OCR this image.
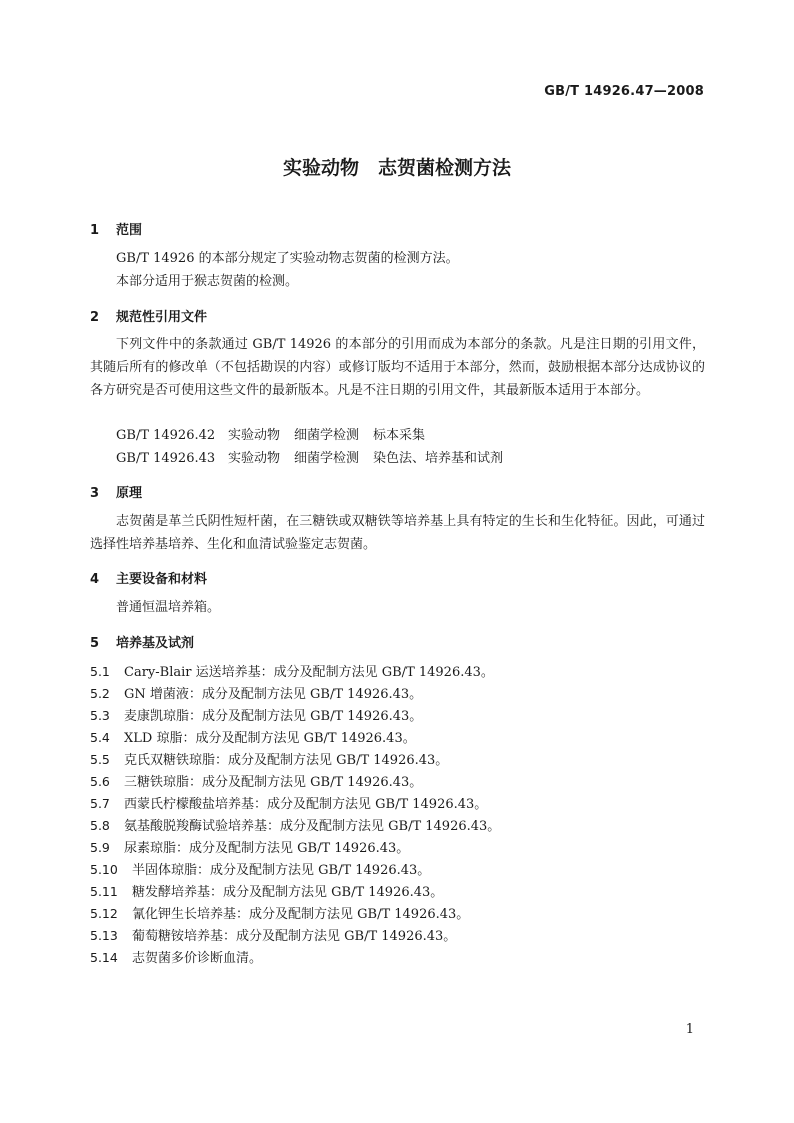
GB/T 14926.47—2008
实验动物　志贺菌检测方法
1 范围

GB/T 14926 的本部分规定了实验动物志贺菌的检测方法。

本部分适用于猴志贺菌的检测。

2 规范性引用文件

下列文件中的条款通过 GB/T 14926 的本部分的引用而成为本部分的条款。凡是注日期的引用文件，其随后所有的修改单（不包括勘误的内容）或修订版均不适用于本部分，然而，鼓励根据本部分达成协议的各方研究是否可使用这些文件的最新版本。凡是不注日期的引用文件，其最新版本适用于本部分。

GB/T 14926.42 实验动物 细菌学检测 标本采集

GB/T 14926.43 实验动物 细菌学检测 染色法、培养基和试剂

3 原理

志贺菌是革兰氏阴性短杆菌，在三糖铁或双糖铁等培养基上具有特定的生长和生化特征。因此，可通过选择性培养基培养、生化和血清试验鉴定志贺菌。

4 主要设备和材料

普通恒温培养箱。

5 培养基及试剂

5.1 Cary-Blair 运送培养基：成分及配制方法见 GB/T 14926.43。

5.2 GN 增菌液：成分及配制方法见 GB/T 14926.43。

5.3 麦康凯琼脂：成分及配制方法见 GB/T 14926.43。

5.4 XLD 琼脂：成分及配制方法见 GB/T 14926.43。

5.5 克氏双糖铁琼脂：成分及配制方法见 GB/T 14926.43。

5.6 三糖铁琼脂：成分及配制方法见 GB/T 14926.43。

5.7 西蒙氏柠檬酸盐培养基：成分及配制方法见 GB/T 14926.43。

5.8 氨基酸脱羧酶试验培养基：成分及配制方法见 GB/T 14926.43。

5.9 尿素琼脂：成分及配制方法见 GB/T 14926.43。

5.10 半固体琼脂：成分及配制方法见 GB/T 14926.43。

5.11 糖发酵培养基：成分及配制方法见 GB/T 14926.43。

5.12 氰化钾生长培养基：成分及配制方法见 GB/T 14926.43。

5.13 葡萄糖铵培养基：成分及配制方法见 GB/T 14926.43。

5.14 志贺菌多价诊断血清。

1
